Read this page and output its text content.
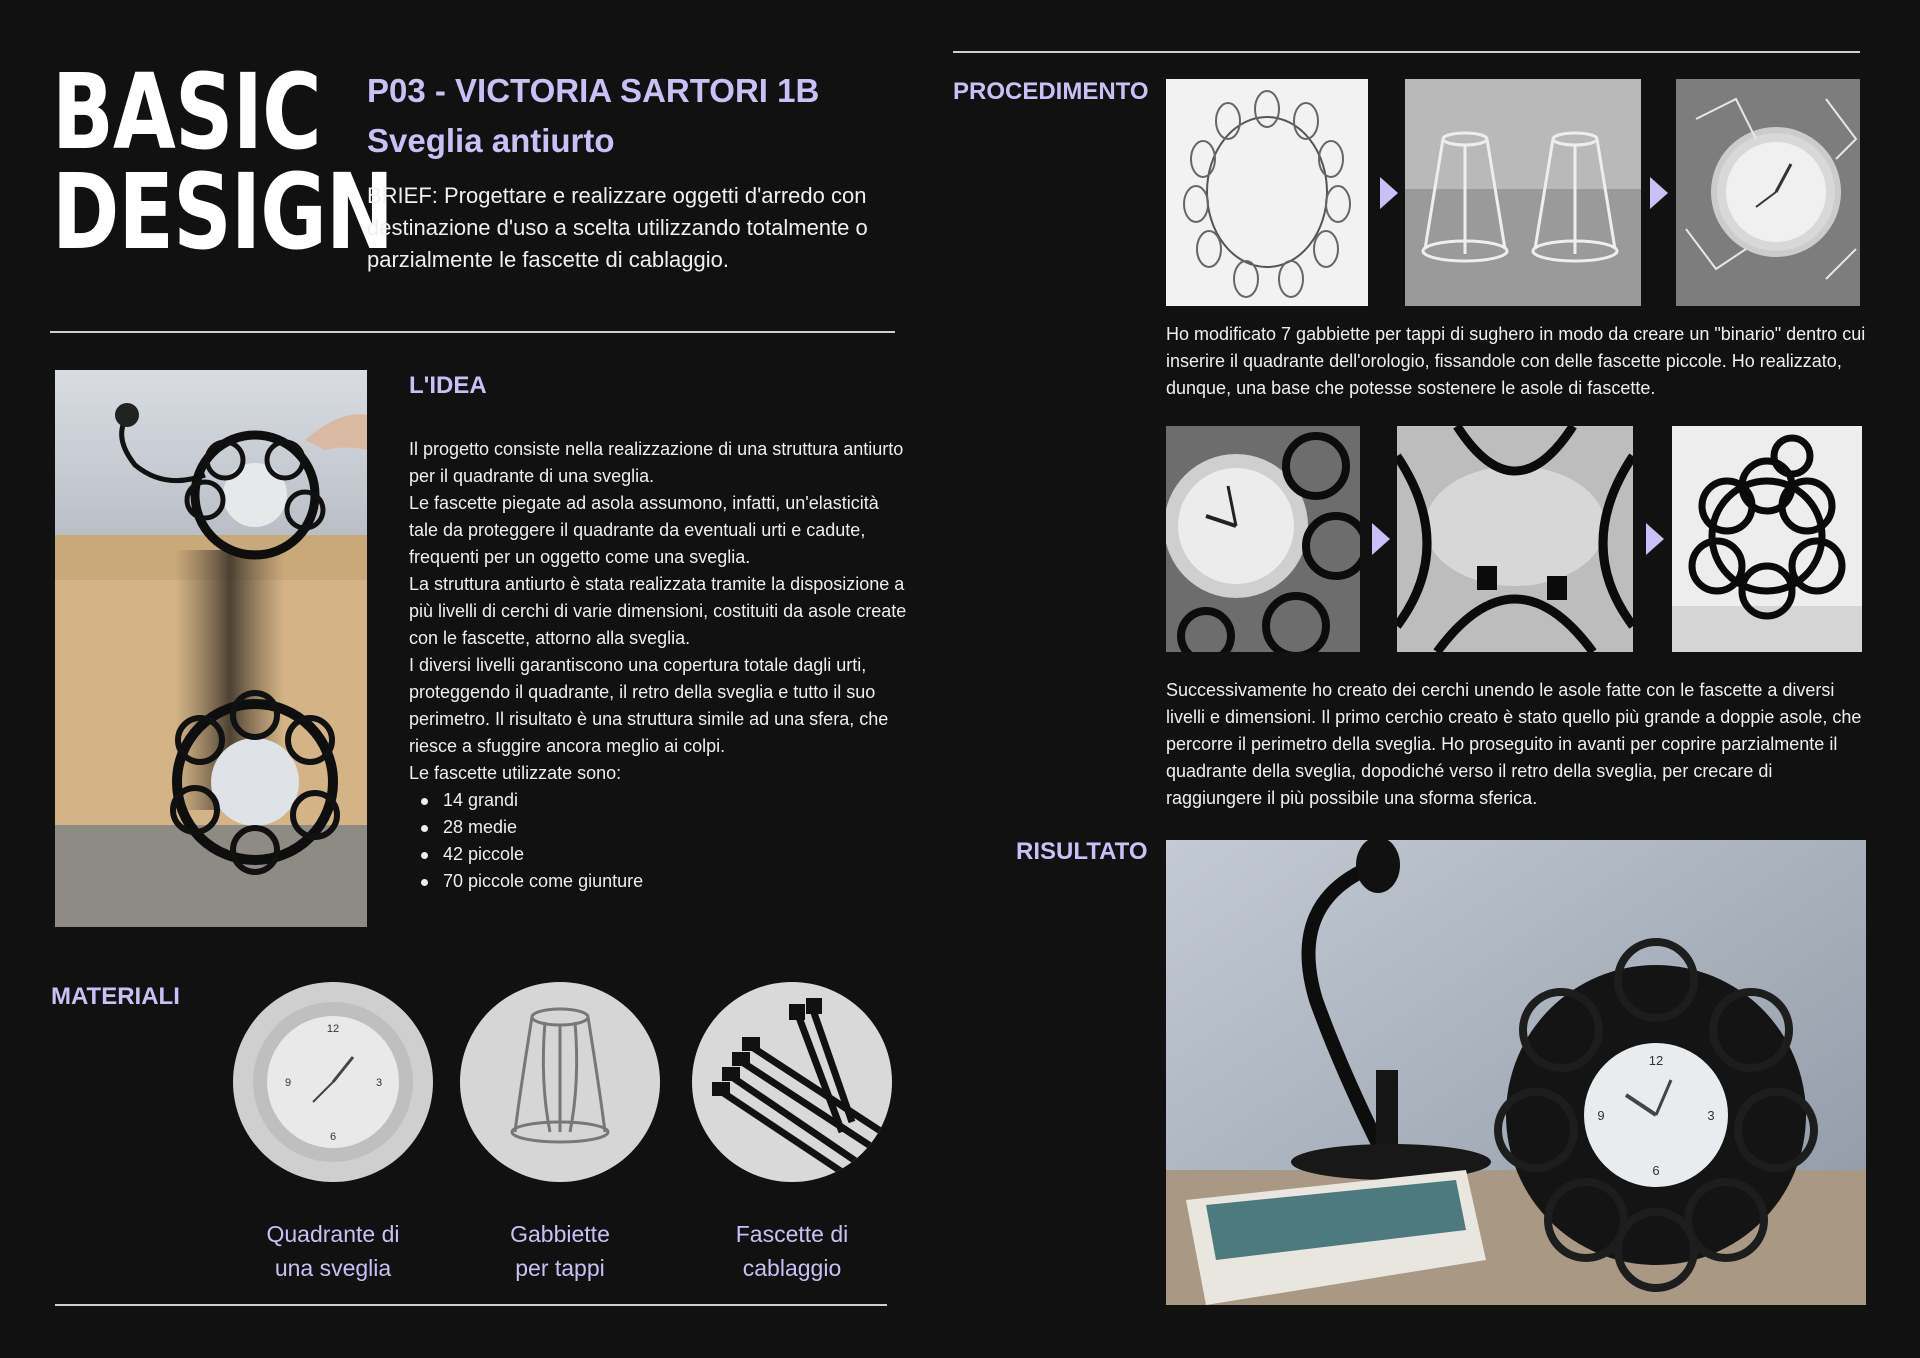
BASIC
DESIGN
P03 - VICTORIA SARTORI 1B
Sveglia antiurto
BRIEF: Progettare e realizzare oggetti d'arredo con destinazione d'uso a scelta utilizzando totalmente o parzialmente le fascette di cablaggio.
L'IDEA
Il progetto consiste nella realizzazione di una struttura antiurto per il quadrante di una sveglia.
Le fascette piegate ad asola assumono, infatti, un'elasticità tale da proteggere il quadrante da eventuali urti e cadute, frequenti per un oggetto come una sveglia.
La struttura antiurto è stata realizzata tramite la disposizione a più livelli di cerchi di varie dimensioni, costituiti da asole create con le fascette, attorno alla sveglia.
I diversi livelli garantiscono una copertura totale dagli urti, proteggendo il quadrante, il retro della sveglia e tutto il suo perimetro. Il risultato è una struttura simile ad una sfera, che riesce a sfuggire ancora meglio ai colpi.
Le fascette utilizzate sono:
14 grandi
28 medie
42 piccole
70 piccole come giunture
MATERIALI
12
3
6
9
Quadrante di
una sveglia
Gabbiette
per tappi
Fascette di
cablaggio
PROCEDIMENTO
Ho modificato 7 gabbiette per tappi di sughero in modo da creare un "binario" dentro cui inserire il quadrante dell'orologio, fissandole con delle fascette piccole. Ho realizzato, dunque, una base che potesse sostenere le asole di fascette.
Successivamente ho creato dei cerchi unendo le asole fatte con le fascette a diversi livelli e dimensioni. Il primo cerchio creato è stato quello più grande a doppie asole, che percorre il perimetro della sveglia. Ho proseguito in avanti per coprire parzialmente il quadrante della sveglia, dopodiché verso il retro della sveglia, per crecare di raggiungere il più possibile una sforma sferica.
RISULTATO
12
3
6
9
